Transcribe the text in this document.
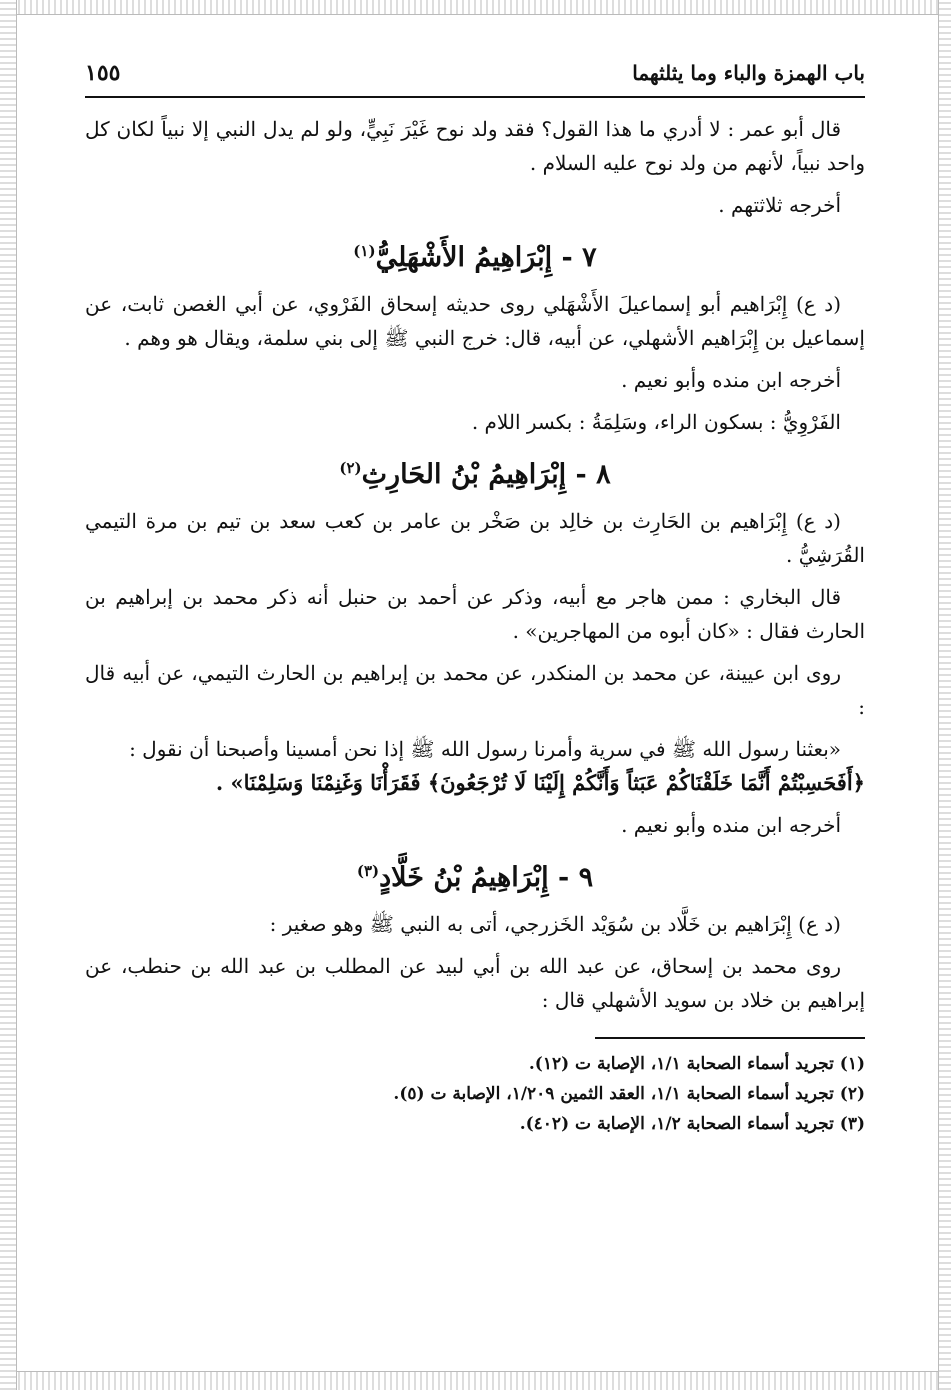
باب الهمزة والباء وما يثلثهما
١٥٥

قال أبو عمر : لا أدري ما هذا القول؟ فقد ولد نوح غَيْرَ نَبِيٍّ، ولو لم يدل النبي إلا نبياً لكان كل واحد نبياً، لأنهم من ولد نوح عليه السلام .

أخرجه ثلاثتهم .

٧ - إِبْرَاهِيمُ الأَشْهَلِيُّ$^{(١)}$

(د ع) إِبْرَاهيم أبو إسماعيلَ الأَشْهَلي روى حديثه إسحاق الفَرْوي، عن أبي الغصن ثابت، عن إسماعيل بن إِبْرَاهيم الأشهلي، عن أبيه، قال: خرج النبي ﷺ إلى بني سلمة، ويقال هو وهم .

أخرجه ابن منده وأبو نعيم .

الفَرْوِيُّ : بسكون الراء، وسَلِمَةُ : بكسر اللام .

٨ - إِبْرَاهِيمُ بْنُ الحَارِثِ$^{(٢)}$

(د ع) إِبْرَاهيم بن الحَارِث بن خالِد بن صَخْر بن عامر بن كعب سعد بن تيم بن مرة التيمي القُرَشِيُّ .

قال البخاري : ممن هاجر مع أبيه، وذكر عن أحمد بن حنبل أنه ذكر محمد بن إبراهيم بن الحارث فقال : «كان أبوه من المهاجرين» .

روى ابن عيينة، عن محمد بن المنكدر، عن محمد بن إبراهيم بن الحارث التيمي، عن أبيه قال :

«بعثنا رسول الله ﷺ في سرية وأمرنا رسول الله ﷺ إذا نحن أمسينا وأصبحنا أن نقول :

﴿أَفَحَسِبْتُمْ أَنَّمَا خَلَقْنَاكُمْ عَبَثاً وَأَنَّكُمْ إِلَيْنَا لَا تُرْجَعُونَ﴾ فَقَرَأْنَا وَغَنِمْنَا وَسَلِمْنَا» .

أخرجه ابن منده وأبو نعيم .

٩ - إِبْرَاهِيمُ بْنُ خَلَّادٍ$^{(٣)}$

(د ع) إِبْرَاهيم بن خَلَّاد بن سُوَيْد الخَزرجي، أتى به النبي ﷺ وهو صغير :

روى محمد بن إسحاق، عن عبد الله بن أبي لبيد عن المطلب بن عبد الله بن حنطب، عن إبراهيم بن خلاد بن سويد الأشهلي قال :

(١) تجريد أسماء الصحابة ١/١، الإصابة ت (١٢).
(٢) تجريد أسماء الصحابة ١/١، العقد الثمين ١/٢٠٩، الإصابة ت (٥).
(٣) تجريد أسماء الصحابة ١/٢، الإصابة ت (٤٠٢).
